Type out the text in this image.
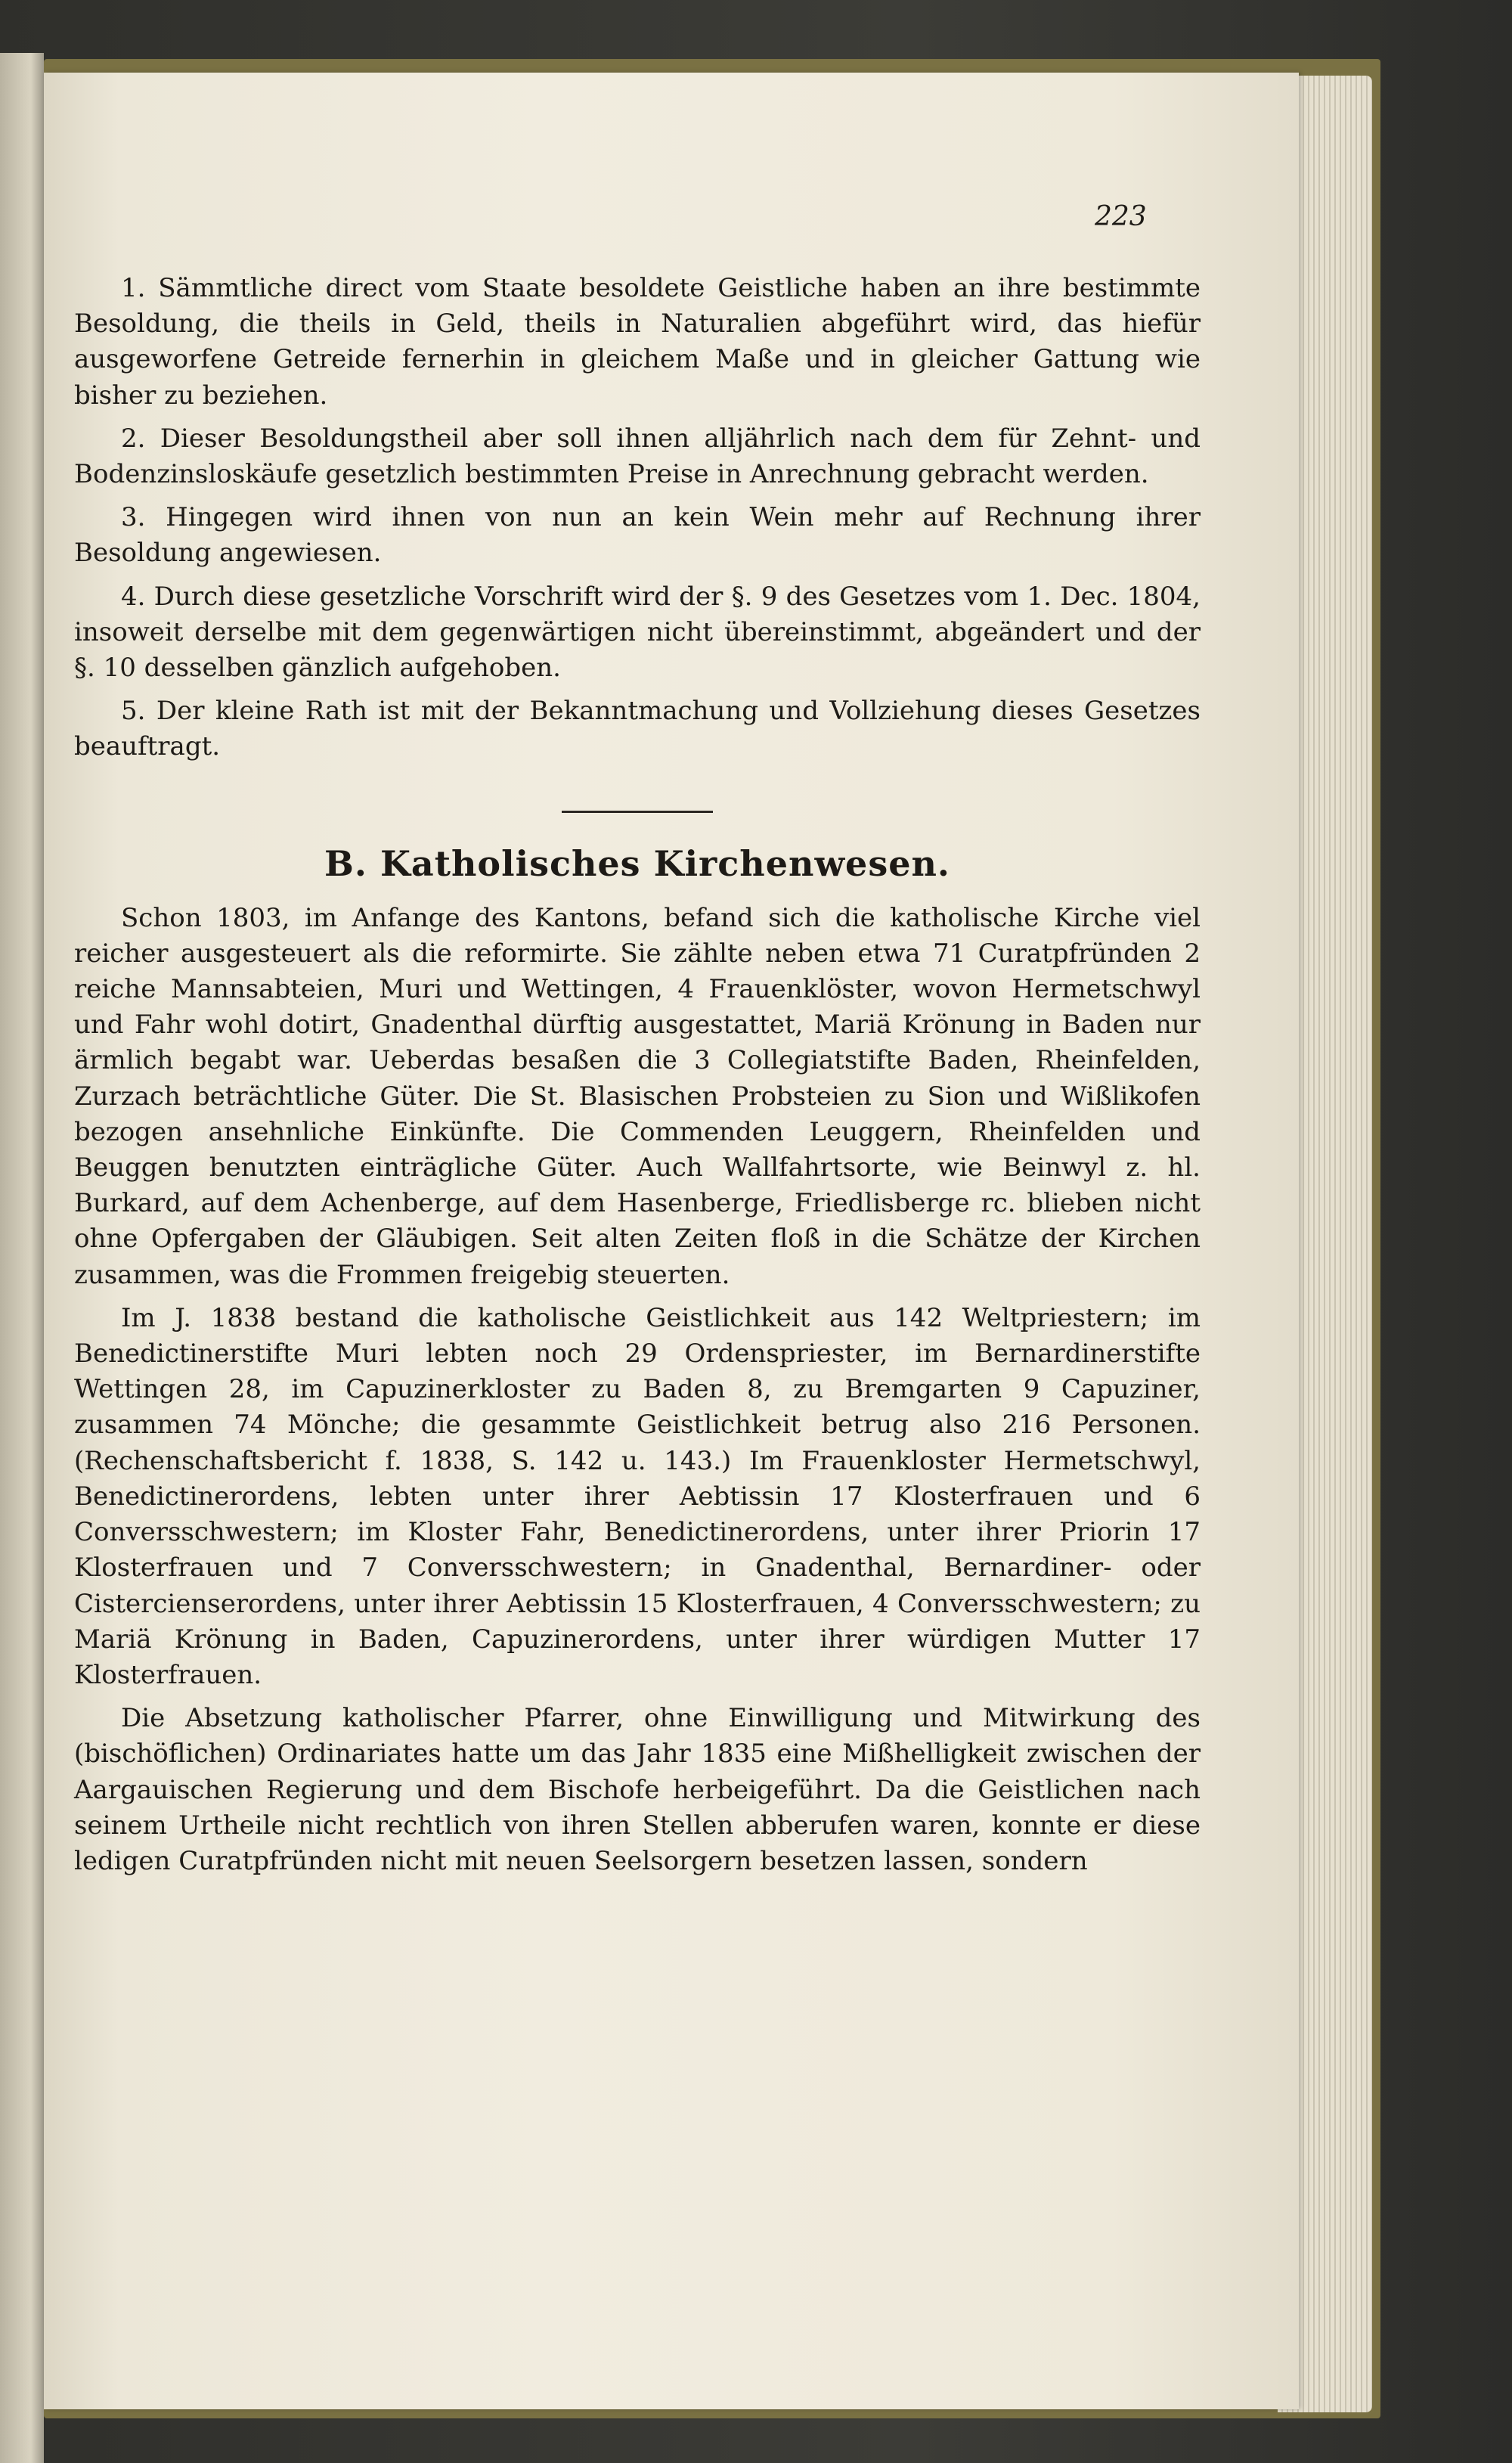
223

1. Sämmtliche direct vom Staate besoldete Geistliche haben an ihre bestimmte Besoldung, die theils in Geld, theils in Naturalien abgeführt wird, das hiefür ausgeworfene Getreide fernerhin in gleichem Maße und in gleicher Gattung wie bisher zu beziehen.

2. Dieser Besoldungstheil aber soll ihnen alljährlich nach dem für Zehnt- und Bodenzinsloskäufe gesetzlich bestimmten Preise in Anrechnung gebracht werden.

3. Hingegen wird ihnen von nun an kein Wein mehr auf Rechnung ihrer Besoldung angewiesen.

4. Durch diese gesetzliche Vorschrift wird der §. 9 des Gesetzes vom 1. Dec. 1804, insoweit derselbe mit dem gegenwärtigen nicht übereinstimmt, abgeändert und der §. 10 desselben gänzlich aufgehoben.

5. Der kleine Rath ist mit der Bekanntmachung und Vollziehung dieses Gesetzes beauftragt.

B. Katholisches Kirchenwesen.

Schon 1803, im Anfange des Kantons, befand sich die katholische Kirche viel reicher ausgesteuert als die reformirte. Sie zählte neben etwa 71 Curatpfründen 2 reiche Mannsabteien, Muri und Wettingen, 4 Frauenklöster, wovon Hermetschwyl und Fahr wohl dotirt, Gnadenthal dürftig ausgestattet, Mariä Krönung in Baden nur ärmlich begabt war. Ueberdas besaßen die 3 Collegiatstifte Baden, Rheinfelden, Zurzach beträchtliche Güter. Die St. Blasischen Probsteien zu Sion und Wißlikofen bezogen ansehnliche Einkünfte. Die Commenden Leuggern, Rheinfelden und Beuggen benutzten einträgliche Güter. Auch Wallfahrtsorte, wie Beinwyl z. hl. Burkard, auf dem Achenberge, auf dem Hasenberge, Friedlisberge rc. blieben nicht ohne Opfergaben der Gläubigen. Seit alten Zeiten floß in die Schätze der Kirchen zusammen, was die Frommen freigebig steuerten.

Im J. 1838 bestand die katholische Geistlichkeit aus 142 Weltpriestern; im Benedictinerstifte Muri lebten noch 29 Ordenspriester, im Bernardinerstifte Wettingen 28, im Capuzinerkloster zu Baden 8, zu Bremgarten 9 Capuziner, zusammen 74 Mönche; die gesammte Geistlichkeit betrug also 216 Personen. (Rechenschaftsbericht f. 1838, S. 142 u. 143.) Im Frauenkloster Hermetschwyl, Benedictinerordens, lebten unter ihrer Aebtissin 17 Klosterfrauen und 6 Conversschwestern; im Kloster Fahr, Benedictinerordens, unter ihrer Priorin 17 Klosterfrauen und 7 Conversschwestern; in Gnadenthal, Bernardiner- oder Cistercienserordens, unter ihrer Aebtissin 15 Klosterfrauen, 4 Conversschwestern; zu Mariä Krönung in Baden, Capuzinerordens, unter ihrer würdigen Mutter 17 Klosterfrauen.

Die Absetzung katholischer Pfarrer, ohne Einwilligung und Mitwirkung des (bischöflichen) Ordinariates hatte um das Jahr 1835 eine Mißhelligkeit zwischen der Aargauischen Regierung und dem Bischofe herbeigeführt. Da die Geistlichen nach seinem Urtheile nicht rechtlich von ihren Stellen abberufen waren, konnte er diese ledigen Curatpfründen nicht mit neuen Seelsorgern besetzen lassen, sondern
